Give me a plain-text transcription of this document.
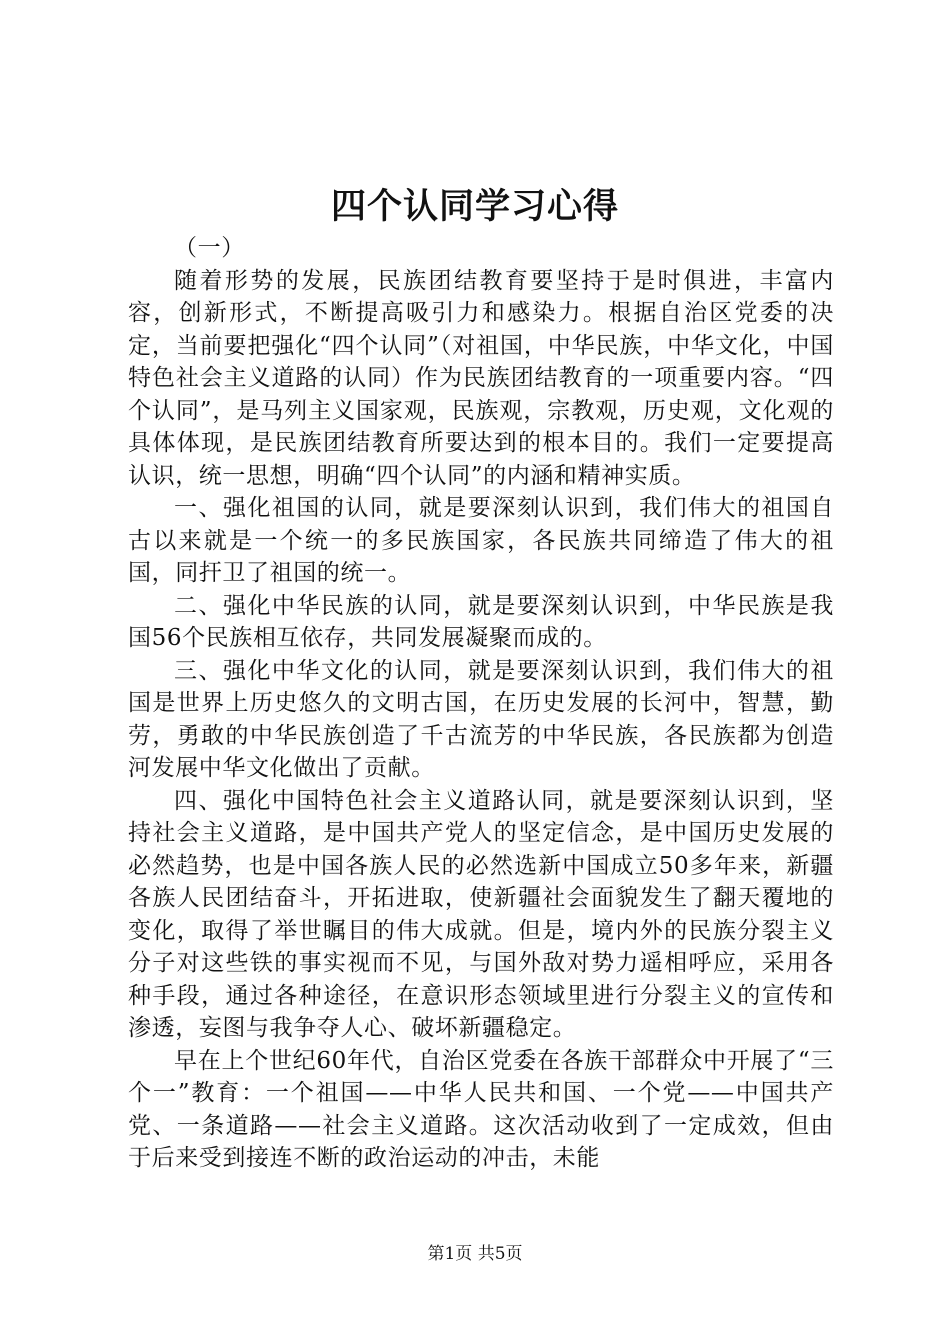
四个认同学习心得

（一）

随着形势的发展，民族团结教育要坚持于是时俱进，丰富内容，创新形式，不断提高吸引力和感染力。根据自治区党委的决定，当前要把强化“四个认同”（对祖国，中华民族，中华文化，中国特色社会主义道路的认同）作为民族团结教育的一项重要内容。“四个认同”，是马列主义国家观，民族观，宗教观，历史观，文化观的具体体现，是民族团结教育所要达到的根本目的。我们一定要提高认识，统一思想，明确“四个认同”的内涵和精神实质。

一、强化祖国的认同，就是要深刻认识到，我们伟大的祖国自古以来就是一个统一的多民族国家，各民族共同缔造了伟大的祖国，同扞卫了祖国的统一。

二、强化中华民族的认同，就是要深刻认识到，中华民族是我国56个民族相互依存，共同发展凝聚而成的。

三、强化中华文化的认同，就是要深刻认识到，我们伟大的祖国是世界上历史悠久的文明古国，在历史发展的长河中，智慧，勤劳，勇敢的中华民族创造了千古流芳的中华民族，各民族都为创造河发展中华文化做出了贡献。

四、强化中国特色社会主义道路认同，就是要深刻认识到，坚持社会主义道路，是中国共产党人的坚定信念，是中国历史发展的必然趋势，也是中国各族人民的必然选新中国成立50多年来，新疆各族人民团结奋斗，开拓进取，使新疆社会面貌发生了翻天覆地的变化，取得了举世瞩目的伟大成就。但是，境内外的民族分裂主义分子对这些铁的事实视而不见，与国外敌对势力遥相呼应，采用各种手段，通过各种途径，在意识形态领域里进行分裂主义的宣传和渗透，妄图与我争夺人心、破坏新疆稳定。

早在上个世纪60年代，自治区党委在各族干部群众中开展了“三个一”教育：一个祖国——中华人民共和国、一个党——中国共产党、一条道路——社会主义道路。这次活动收到了一定成效，但由于后来受到接连不断的政治运动的冲击，未能

第1页 共5页
